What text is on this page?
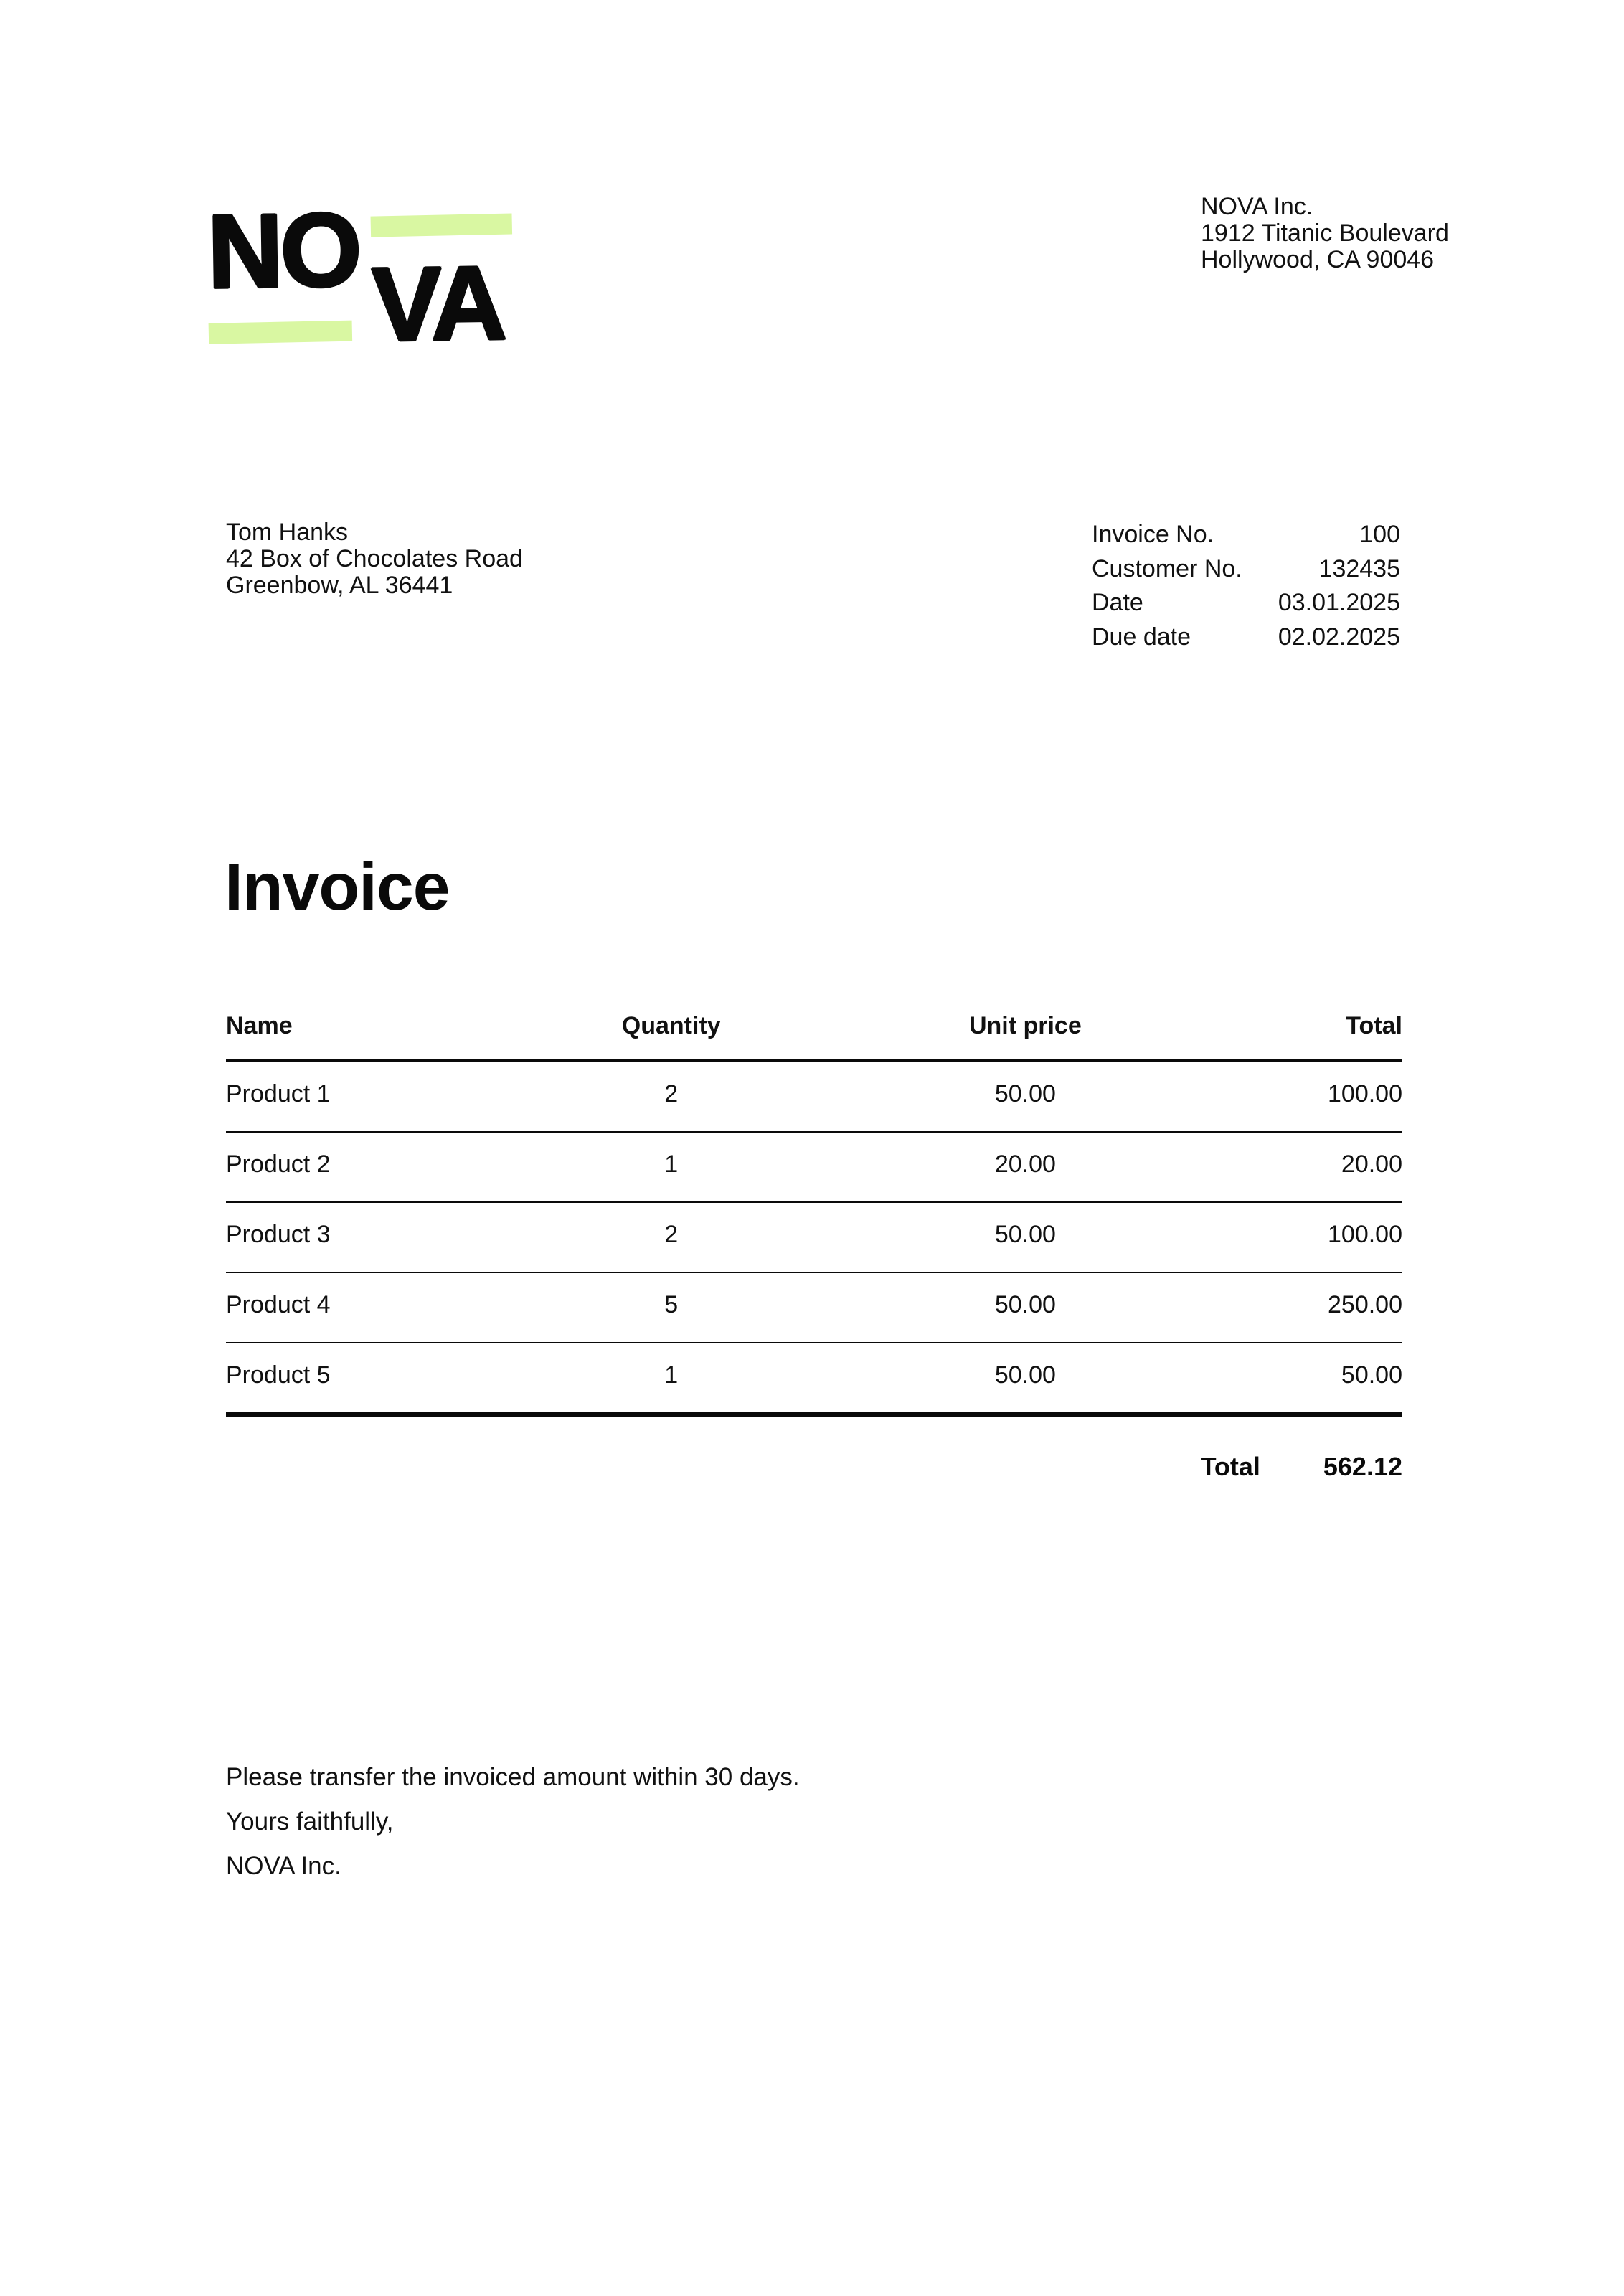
NO VA
NOVA Inc.
1912 Titanic Boulevard
Hollywood, CA 90046
Tom Hanks
42 Box of Chocolates Road
Greenbow, AL 36441
Invoice No.	100
Customer No.	132435
Date	03.01.2025
Due date	02.02.2025
Invoice
Name	Quantity	Unit price	Total
Product 1	2	50.00	100.00
Product 2	1	20.00	20.00
Product 3	2	50.00	100.00
Product 4	5	50.00	250.00
Product 5	1	50.00	50.00
Total 562.12
Please transfer the invoiced amount within 30 days.
Yours faithfully,
NOVA Inc.
